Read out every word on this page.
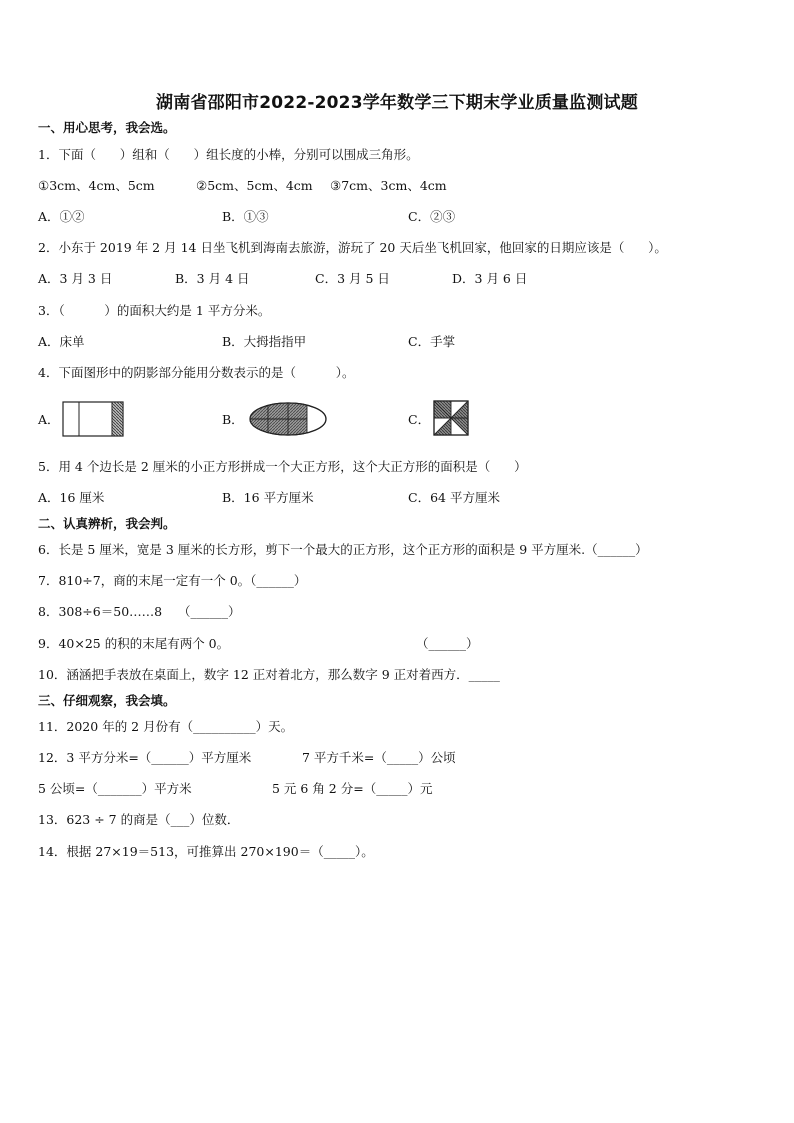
湖南省邵阳市2022-2023学年数学三下期末学业质量监测试题
一、用心思考，我会选。
1．下面（      ）组和（      ）组长度的小棒，分别可以围成三角形。
①3cm、4cm、5cm	②5cm、5cm、4cm ③7cm、3cm、4cm
A．①②	B．①③	C．②③
2．小东于 2019 年 2 月 14 日坐飞机到海南去旅游，游玩了 20 天后坐飞机回家，他回家的日期应该是（      ）。
A．3 月 3 日	B．3 月 4 日	C．3 月 5 日	D．3 月 6 日
3．（          ）的面积大约是 1 平方分米。
A．床单	B．大拇指指甲	C．手掌
4．下面图形中的阴影部分能用分数表示的是（          ）。
A．	B．	C．
5．用 4 个边长是 2 厘米的小正方形拼成一个大正方形，这个大正方形的面积是（      ）
A．16 厘米	B．16 平方厘米	C．64 平方厘米
二、认真辨析，我会判。
6．长是 5 厘米，宽是 3 厘米的长方形，剪下一个最大的正方形，这个正方形的面积是 9 平方厘米.（______）
7．810÷7，商的末尾一定有一个 0。（______）
8．308÷6＝50……8    （______）
9．40×25 的积的末尾有两个 0。	（______）
10．涵涵把手表放在桌面上，数字 12 正对着北方，那么数字 9 正对着西方．_____
三、仔细观察，我会填。
11．2020 年的 2 月份有（__________）天。
12．3 平方分米=（______）平方厘米	7 平方千米=（_____）公顷
5 公顷=（_______）平方米	5 元 6 角 2 分=（_____）元
13．623 ÷ 7 的商是（___）位数．
14．根据 27×19＝513，可推算出 270×190＝（_____）。
